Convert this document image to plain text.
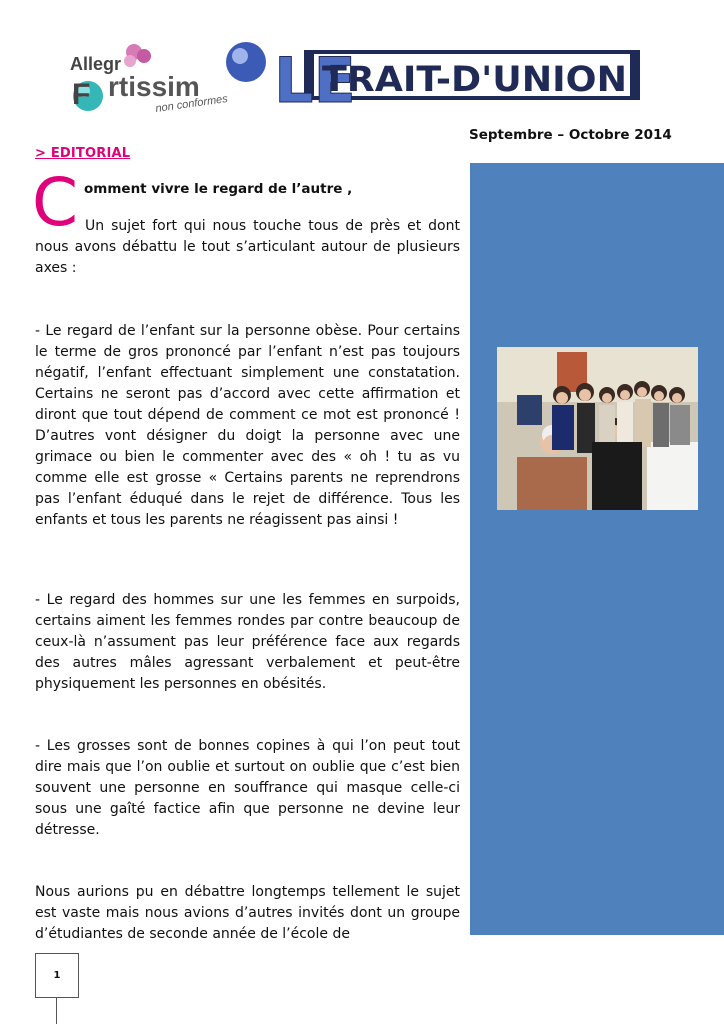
Allegr
F rtissim
non conformes LE
TRAIT-D'UNION
Septembre – Octobre 2014
> EDITORIAL
C omment vivre le regard de l’autre ,
Un sujet fort qui nous touche tous de près et dont nous avons débattu le tout s’articulant autour de plusieurs axes :
- Le regard de l’enfant sur la personne obèse. Pour certains le terme de gros prononcé par l’enfant n’est pas toujours négatif, l’enfant effectuant simplement une constatation. Certains ne seront pas d’accord avec cette affirmation et diront que tout dépend de comment ce mot est prononcé ! D’autres vont désigner du doigt la personne avec une grimace ou bien le commenter avec des « oh ! tu as vu comme elle est grosse « Certains parents ne reprendrons pas l’enfant éduqué dans le rejet de différence. Tous les enfants et tous les parents ne réagissent pas ainsi !
- Le regard des hommes sur une les femmes en surpoids, certains aiment les femmes rondes par contre beaucoup de ceux-là n’assument pas leur préférence face aux regards des autres mâles agressant verbalement et peut-être physiquement les personnes en obésités.
- Les grosses sont de bonnes copines à qui l’on peut tout dire mais que l’on oublie et surtout on oublie que c’est bien souvent une personne en souffrance qui masque celle-ci sous une gaîté factice afin que personne ne devine leur détresse.
Nous aurions pu en débattre longtemps tellement le sujet est vaste mais nous avions d’autres invités dont un groupe d’étudiantes de seconde année de l’école de
1
